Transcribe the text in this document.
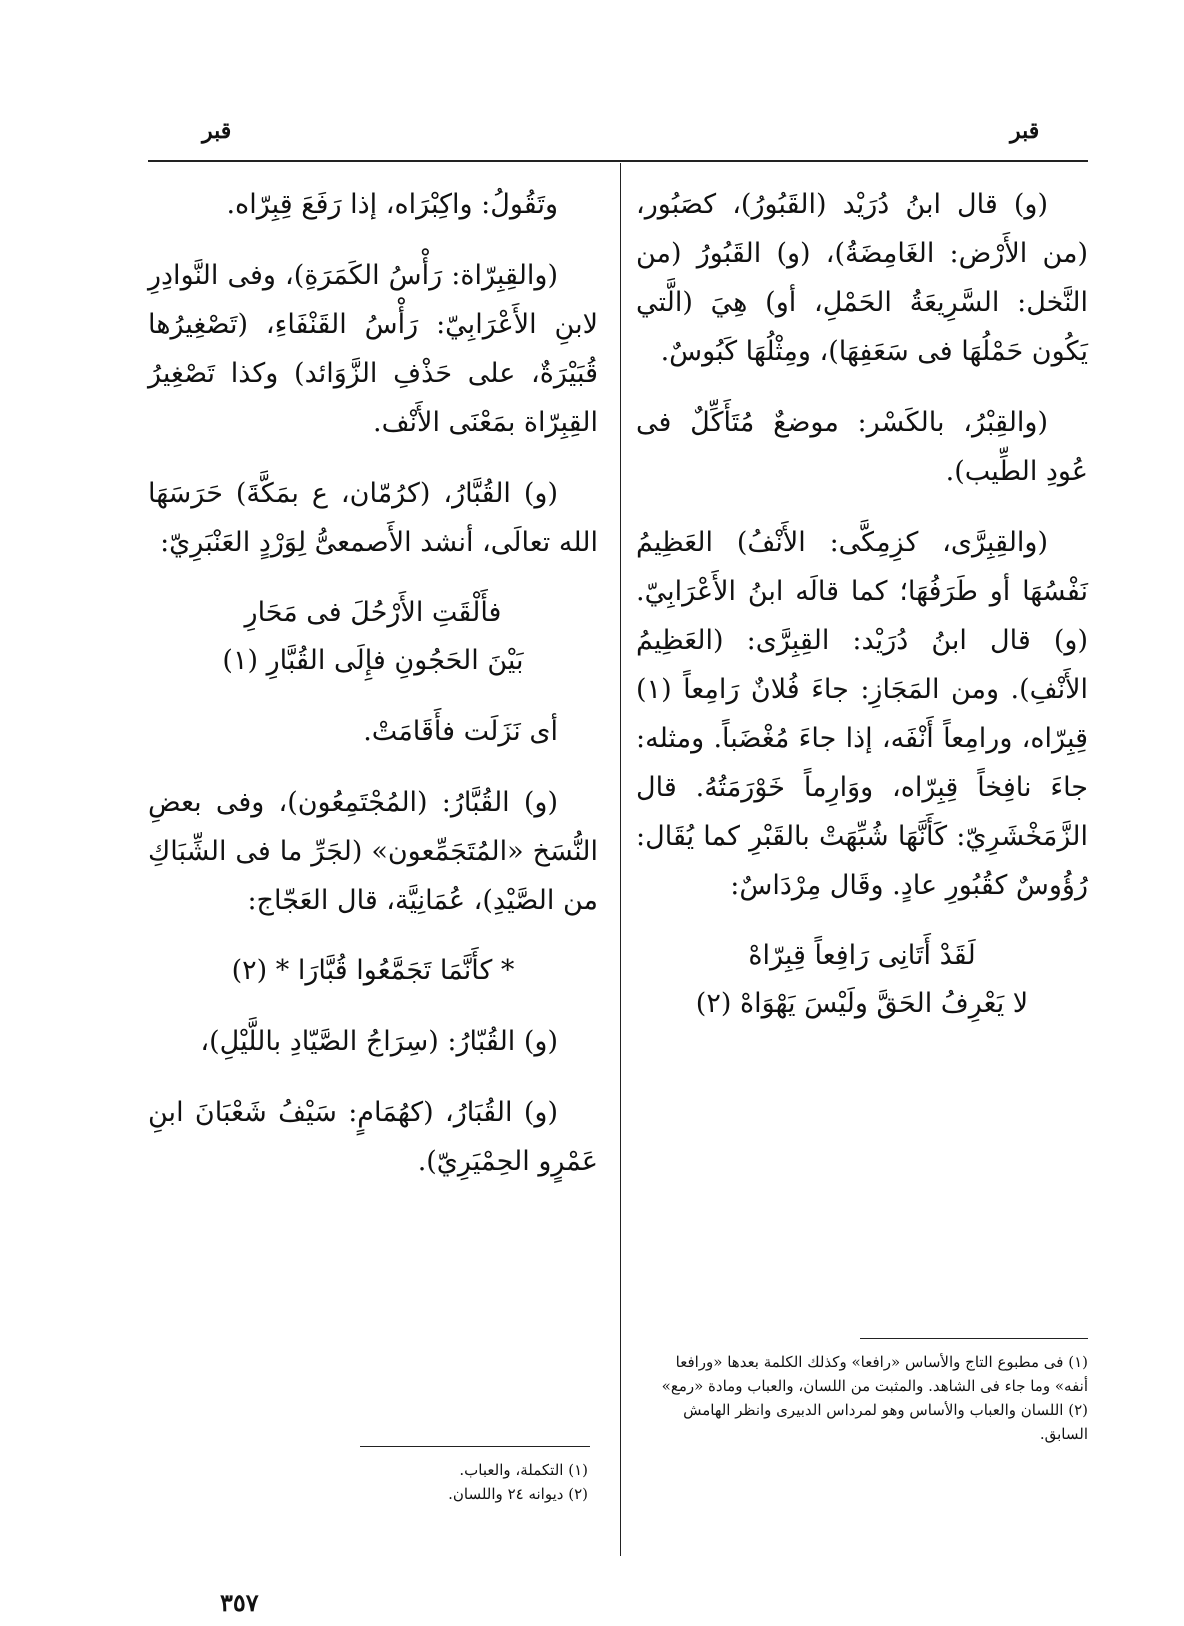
قبر
قبر

(و) قال ابنُ دُرَيْد (القَبُورُ)، كصَبُور، (من الأَرْض: الغَامِضَةُ)، (و) القَبُورُ (من النَّخل: السَّرِيعَةُ الحَمْلِ، أو) هِيَ (الَّتي يَكُون حَمْلُهَا فى سَعَفِهَا)، ومِثْلُهَا كَبُوسٌ.

(والقِبْرُ، بالكَسْر: موضعٌ مُتَأَكِّلٌ فى عُودِ الطِّيب).

(والقِبِرَّى، كزِمِكَّى: الأَنْفُ) العَظِيمُ نَفْسُهَا أو طَرَفُهَا؛ كما قالَه ابنُ الأَعْرَابِيّ. (و) قال ابنُ دُرَيْد: القِبِرَّى: (العَظِيمُ الأَنْفِ). ومن المَجَازِ: جاءَ فُلانٌ رَامِعاً (١) قِبِرّاه، ورامِعاً أَنْفَه، إذا جاءَ مُغْضَباً. ومثله: جاءَ نافِخاً قِبِرّاه، ووَارِماً خَوْرَمَتُهُ. قال الزَّمَخْشَرِيّ: كَأَنَّهَا شُبِّهَتْ بالقَبْرِ كما يُقَال: رُؤُوسٌ كقُبُورِ عادٍ. وقَال مِرْدَاسٌ:

لَقَدْ أَتَانِى رَافِعاً قِبِرّاهْ
لا يَعْرِفُ الحَقَّ ولَيْسَ يَهْوَاهْ (٢)

وتَقُولُ: واكِبْرَاه، إذا رَفَعَ قِبِرّاه.

(والقِبِرّاة: رَأْسُ الكَمَرَةِ)، وفى النَّوادِرِ لابنِ الأَعْرَابِيّ: رَأْسُ القَنْفَاءِ، (تَصْغِيرُها قُبَيْرَةٌ، على حَذْفِ الزَّوَائد) وكذا تَصْغِيرُ القِبِرّاة بمَعْنَى الأَنْف.

(و) القُبَّارُ، (كرُمّان، ع بمَكَّةَ) حَرَسَهَا الله تعالَى، أنشد الأَصمعىُّ لِوَرْدٍ العَنْبَرِيّ:

فأَلْقَتِ الأَرْحُلَ فى مَحَارِ
بَيْنَ الحَجُونِ فإِلَى القُبَّارِ (١)

أى نَزَلَت فأَقَامَتْ.

(و) القُبَّارُ: (المُجْتَمِعُون)، وفى بعضِ النُّسَخ «المُتَجَمِّعون» (لجَرِّ ما فى الشِّبَاكِ من الصَّيْدِ)، عُمَانِيَّة، قال العَجّاج:

* كأَنَّمَا تَجَمَّعُوا قُبَّارَا * (٢)

(و) القُبّارُ: (سِرَاجُ الصَّيّادِ باللَّيْلِ)،

(و) القُبَارُ، (كهُمَامٍ: سَيْفُ شَعْبَانَ ابنِ عَمْرٍو الحِمْيَرِيّ).

(١) فى مطبوع التاج والأساس «رافعا» وكذلك الكلمة بعدها «ورافعا أنفه» وما جاء فى الشاهد. والمثبت من اللسان، والعباب ومادة «رمع»

(٢) اللسان والعباب والأساس وهو لمرداس الدبيرى وانظر الهامش السابق.

(١) التكملة، والعباب.

(٢) ديوانه ٢٤ واللسان.

٣٥٧
